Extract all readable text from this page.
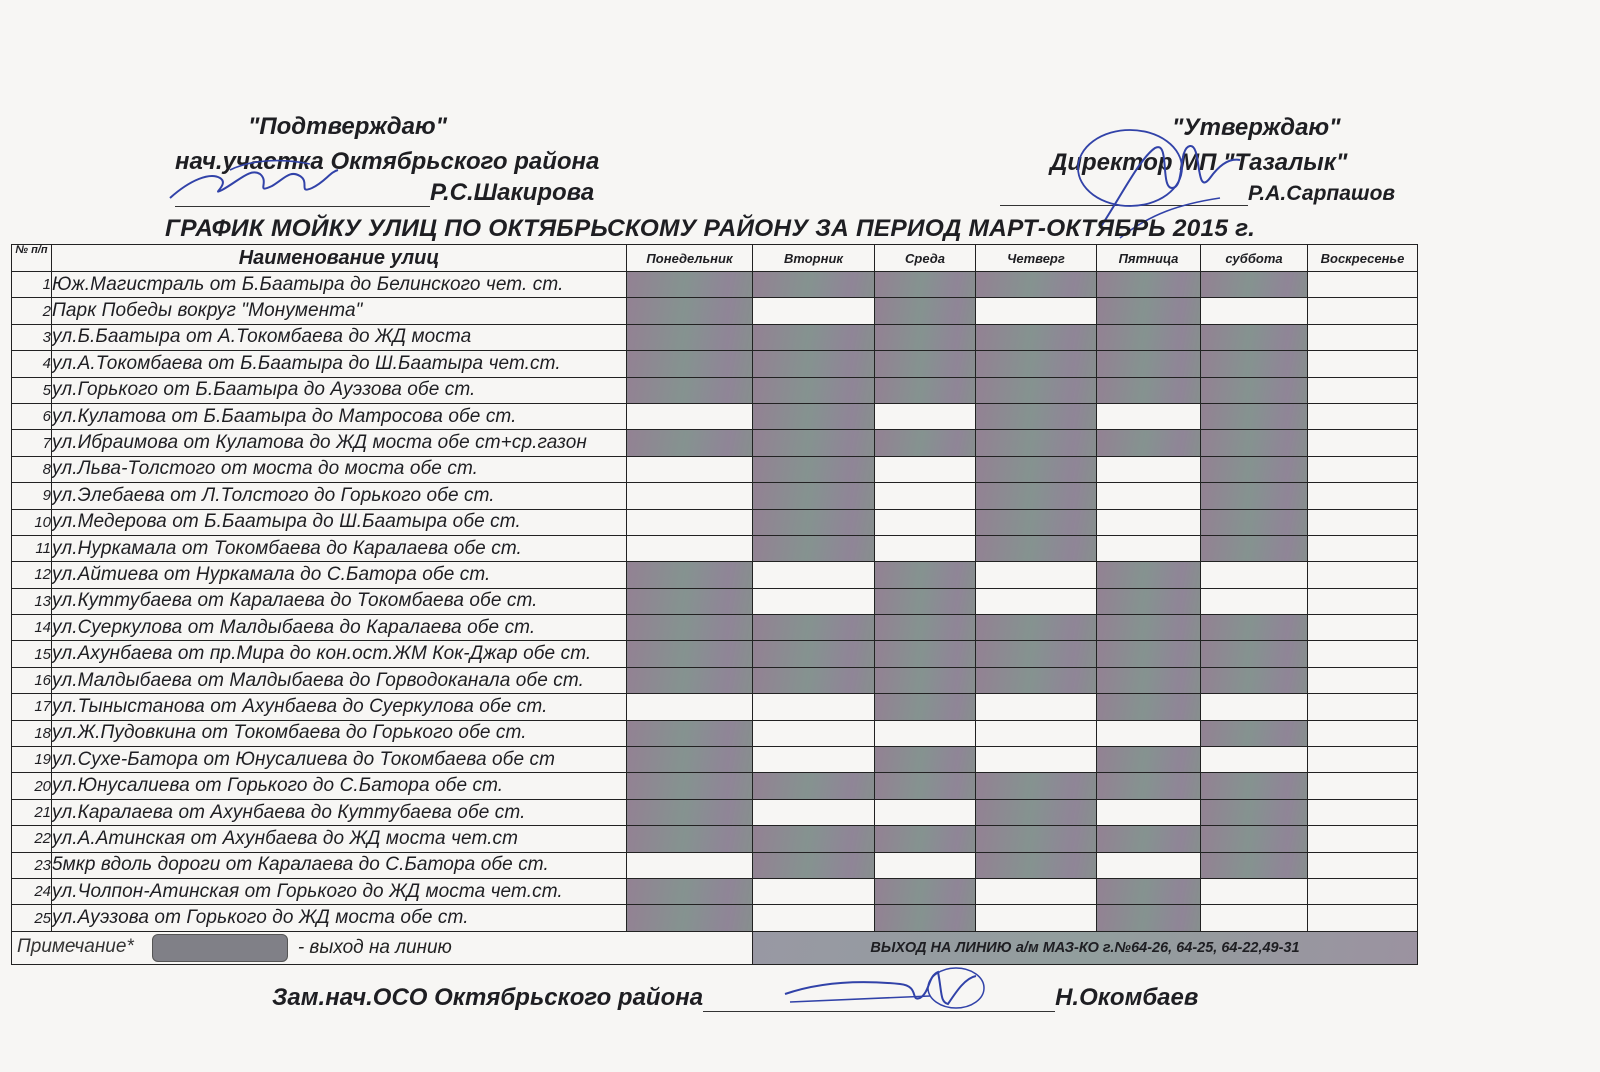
"Подтверждаю"
нач.участка Октябрьского района
Р.С.Шакирова
"Утверждаю"
Директор МП "Тазалык"
Р.А.Сарпашов
ГРАФИК МОЙКУ УЛИЦ ПО ОКТЯБРЬСКОМУ РАЙОНУ ЗА ПЕРИОД МАРТ-ОКТЯБРЬ 2015 г.
№ п/п	Наименование улиц	Понедельник	Вторник	Среда	Четверг	Пятница	суббота	Воскресенье
1	Юж.Магистраль от Б.Баатыра до Белинского чет. ст.							
2	Парк Победы вокруг "Монумента"							
3	ул.Б.Баатыра от А.Токомбаева до ЖД моста							
4	ул.А.Токомбаева от Б.Баатыра до Ш.Баатыра чет.ст.							
5	ул.Горького от Б.Баатыра до Ауэзова обе ст.							
6	ул.Кулатова от Б.Баатыра до Матросова обе ст.							
7	ул.Ибраимова от Кулатова до ЖД моста обе ст+ср.газон							
8	ул.Льва-Толстого от моста до моста обе ст.							
9	ул.Элебаева от Л.Толстого до Горького обе ст.							
10	ул.Медерова от Б.Баатыра до Ш.Баатыра обе ст.							
11	ул.Нуркамала от Токомбаева до Каралаева обе ст.							
12	ул.Айтиева от Нуркамала до С.Батора обе ст.							
13	ул.Куттубаева от Каралаева до Токомбаева обе ст.							
14	ул.Суеркулова от Малдыбаева до Каралаева обе ст.							
15	ул.Ахунбаева от пр.Мира до кон.ост.ЖМ Кок-Джар обе ст.							
16	ул.Малдыбаева от Малдыбаева до Горводоканала обе ст.							
17	ул.Тыныстанова от Ахунбаева до Суеркулова обе ст.							
18	ул.Ж.Пудовкина от Токомбаева до Горького обе ст.							
19	ул.Сухе-Батора от Юнусалиева до Токомбаева обе ст							
20	ул.Юнусалиева от Горького до С.Батора обе ст.							
21	ул.Каралаева от Ахунбаева до Куттубаева обе ст.							
22	ул.А.Атинская от Ахунбаева до ЖД моста чет.ст							
23	5мкр вдоль дороги от Каралаева до С.Батора обе ст.							
24	ул.Чолпон-Атинская от Горького до ЖД моста чет.ст.							
25	ул.Ауэзова от Горького до ЖД моста обе ст.							
Примечание* - выход на линию			ВЫХОД НА ЛИНИЮ а/м МАЗ-КО г.№64-26, 64-25, 64-22,49-31					
Зам.нач.ОСО Октябрьского района	Н.Окомбаев
